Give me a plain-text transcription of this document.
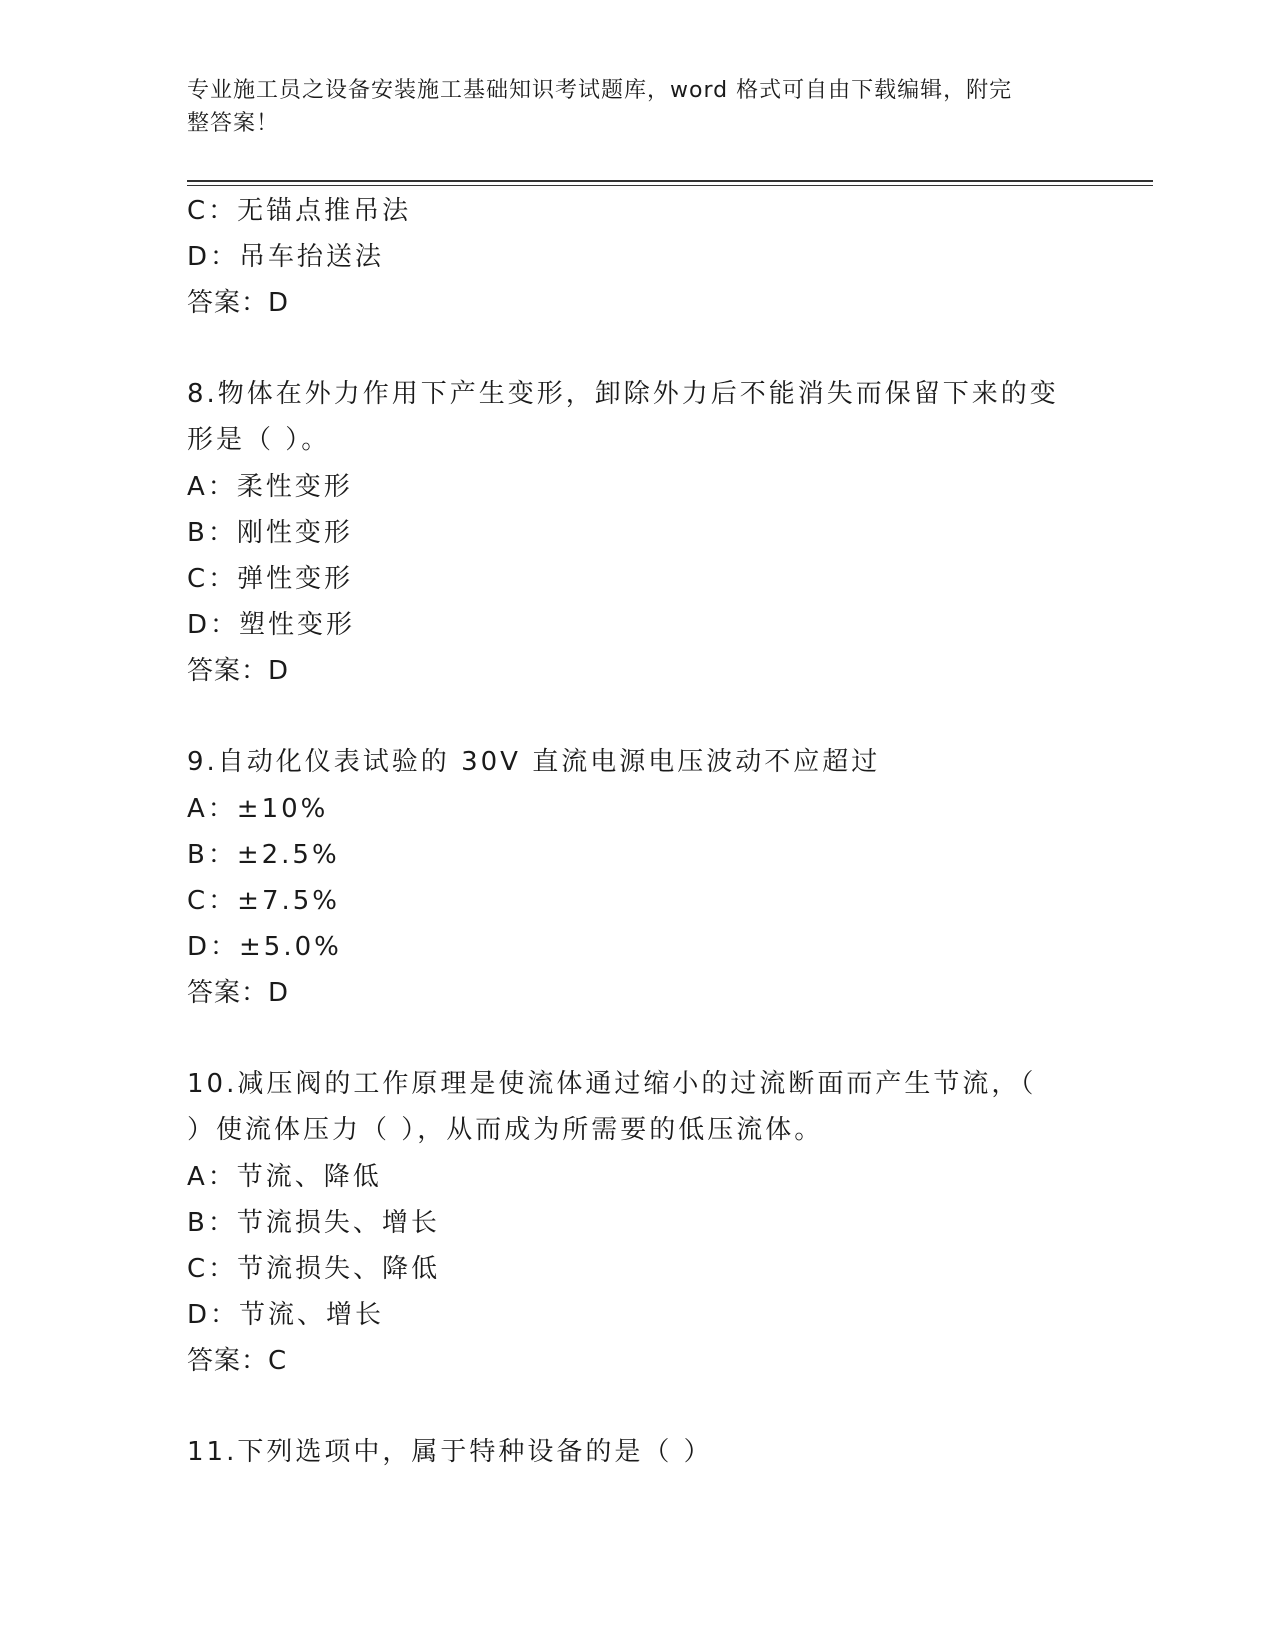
专业施工员之设备安装施工基础知识考试题库，word 格式可自由下载编辑，附完
整答案！
C：无锚点推吊法
D：吊车抬送法
答案：D
8.物体在外力作用下产生变形，卸除外力后不能消失而保留下来的变
形是（ ）。
A：柔性变形
B：刚性变形
C：弹性变形
D：塑性变形
答案：D
9.自动化仪表试验的 30V 直流电源电压波动不应超过
A：±10%
B：±2.5%
C：±7.5%
D：±5.0%
答案：D
10.减压阀的工作原理是使流体通过缩小的过流断面而产生节流，（
）使流体压力（ ），从而成为所需要的低压流体。
A：节流、降低
B：节流损失、增长
C：节流损失、降低
D：节流、增长
答案：C
11.下列选项中，属于特种设备的是（ ）
